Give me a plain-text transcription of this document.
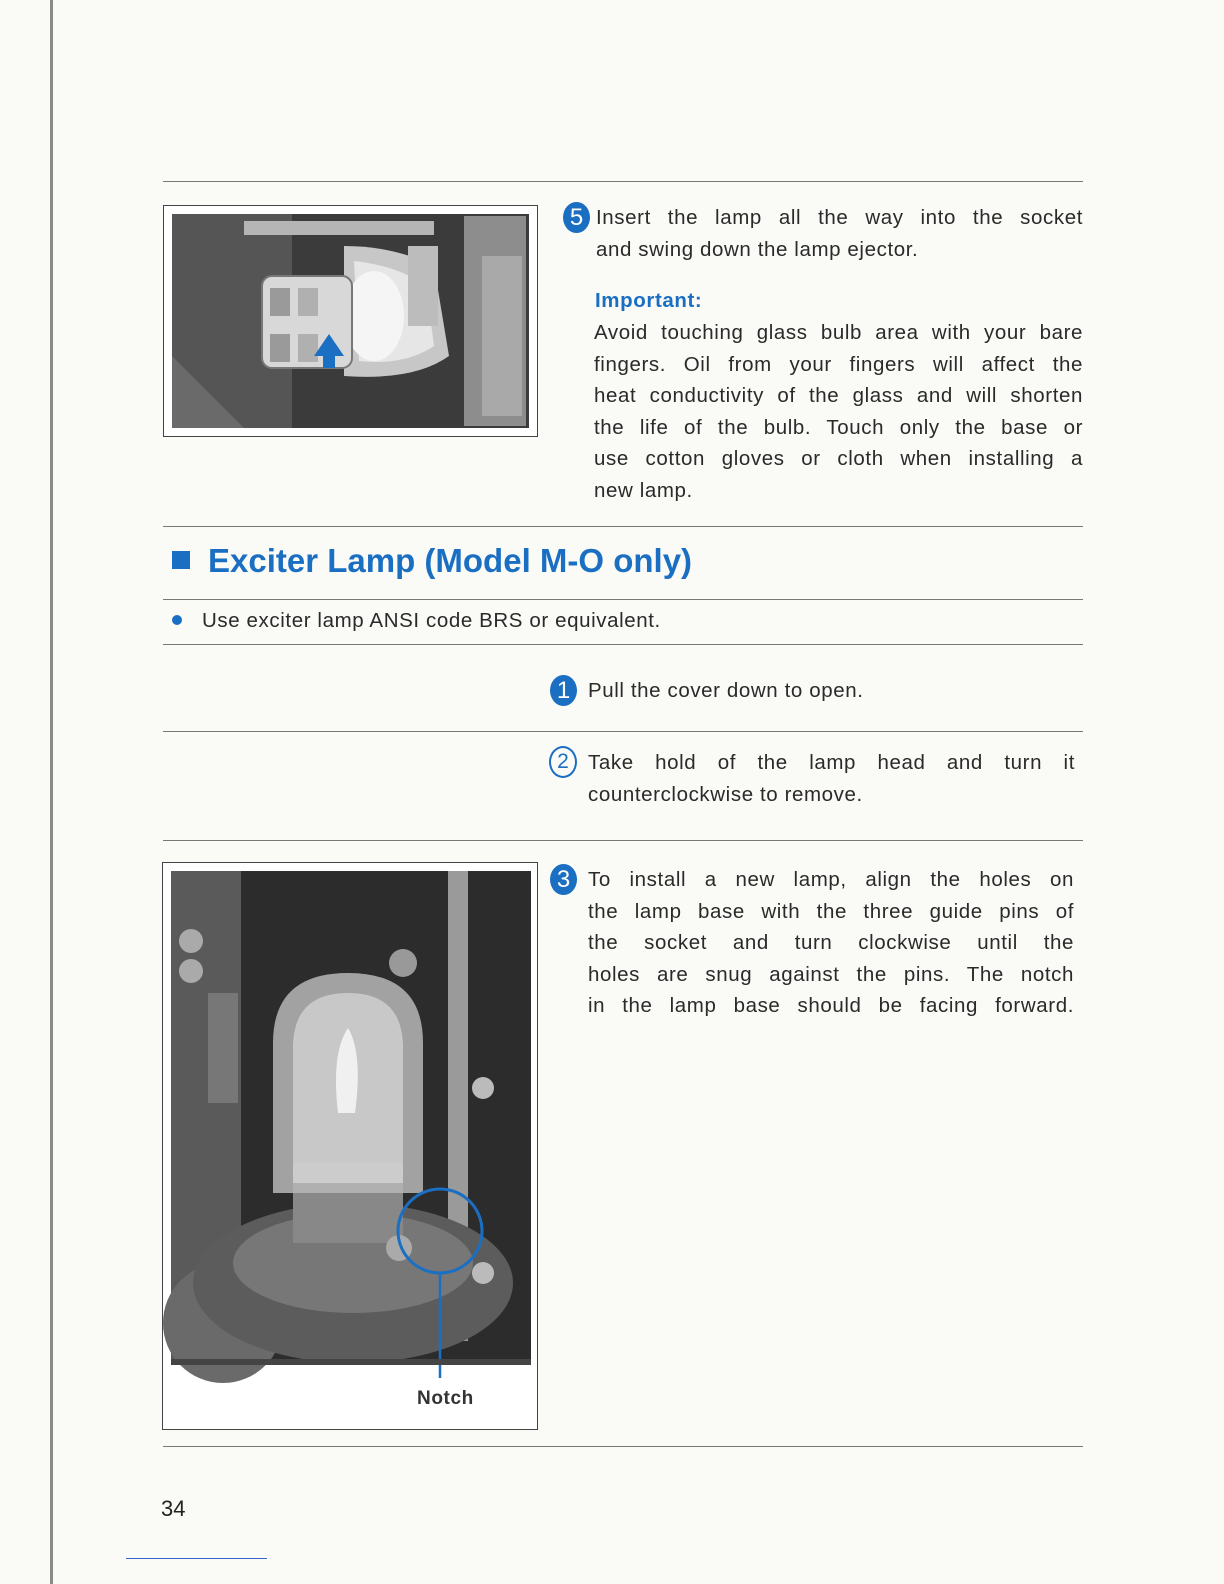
5 Insert the lamp all the way into the socket
and swing down the lamp ejector.
Important:
Avoid touching glass bulb area with your bare
fingers. Oil from your fingers will affect the
heat conductivity of the glass and will shorten
the life of the bulb. Touch only the base or
use cotton gloves or cloth when installing a
new lamp.
Exciter Lamp (Model M-O only)
Use exciter lamp ANSI code BRS or equivalent.
1 Pull the cover down to open.
2 Take hold of the lamp head and turn it
counterclockwise to remove.
Notch
3 To install a new lamp, align the holes on
the lamp base with the three guide pins of
the socket and turn clockwise until the
holes are snug against the pins. The notch
in the lamp base should be facing forward.
34
